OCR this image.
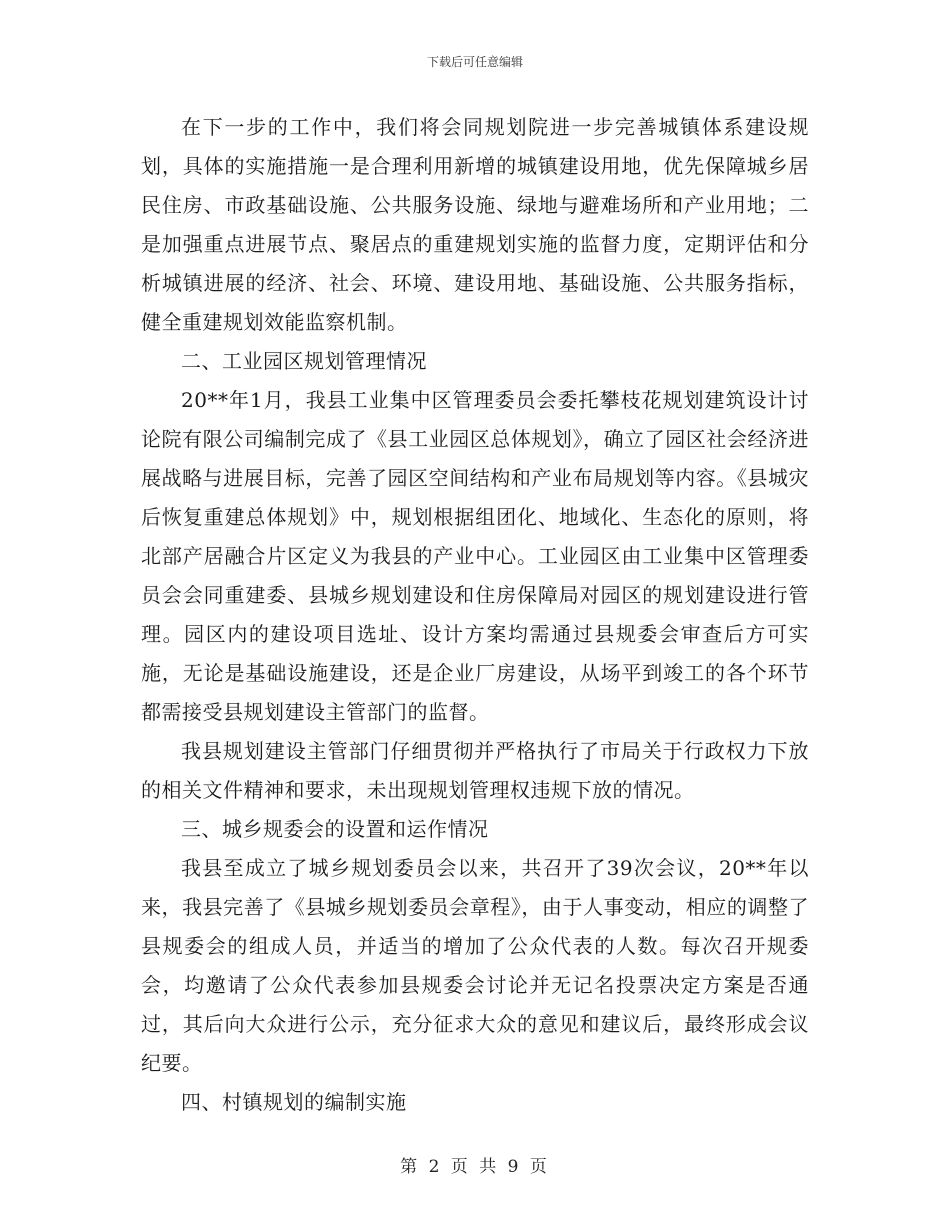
下载后可任意编辑

在下一步的工作中，我们将会同规划院进一步完善城镇体系建设规划，具体的实施措施一是合理利用新增的城镇建设用地，优先保障城乡居民住房、市政基础设施、公共服务设施、绿地与避难场所和产业用地；二是加强重点进展节点、聚居点的重建规划实施的监督力度，定期评估和分析城镇进展的经济、社会、环境、建设用地、基础设施、公共服务指标，健全重建规划效能监察机制。

二、工业园区规划管理情况

20**年1月，我县工业集中区管理委员会委托攀枝花规划建筑设计讨论院有限公司编制完成了《县工业园区总体规划》，确立了园区社会经济进展战略与进展目标，完善了园区空间结构和产业布局规划等内容。《县城灾后恢复重建总体规划》中，规划根据组团化、地域化、生态化的原则，将北部产居融合片区定义为我县的产业中心。工业园区由工业集中区管理委员会会同重建委、县城乡规划建设和住房保障局对园区的规划建设进行管理。园区内的建设项目选址、设计方案均需通过县规委会审查后方可实施，无论是基础设施建设，还是企业厂房建设，从场平到竣工的各个环节都需接受县规划建设主管部门的监督。

我县规划建设主管部门仔细贯彻并严格执行了市局关于行政权力下放的相关文件精神和要求，未出现规划管理权违规下放的情况。

三、城乡规委会的设置和运作情况

我县至成立了城乡规划委员会以来，共召开了39次会议，20**年以来，我县完善了《县城乡规划委员会章程》，由于人事变动，相应的调整了县规委会的组成人员，并适当的增加了公众代表的人数。每次召开规委会，均邀请了公众代表参加县规委会讨论并无记名投票决定方案是否通过，其后向大众进行公示，充分征求大众的意见和建议后，最终形成会议纪要。

四、村镇规划的编制实施

第 2 页 共 9 页
